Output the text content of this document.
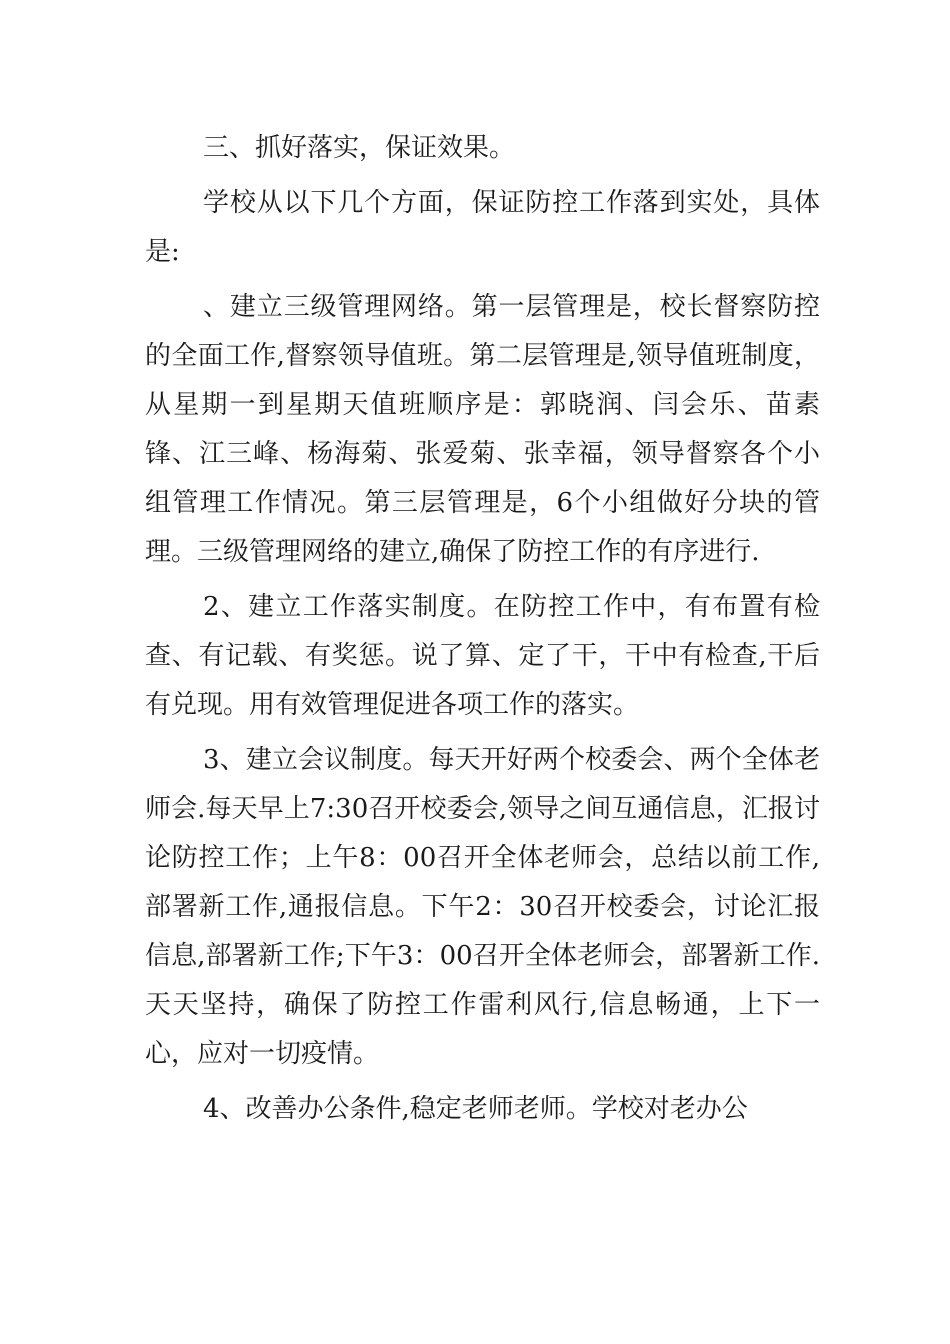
三、抓好落实，保证效果。

学校从以下几个方面，保证防控工作落到实处，具体是:

、建立三级管理网络。第一层管理是，校长督察防控的全面工作,督察领导值班。第二层管理是,领导值班制度，从星期一到星期天值班顺序是：郭晓润、闫会乐、苗素锋、江三峰、杨海菊、张爱菊、张幸福，领导督察各个小组管理工作情况。第三层管理是，6个小组做好分块的管理。三级管理网络的建立,确保了防控工作的有序进行.

2、建立工作落实制度。在防控工作中，有布置有检查、有记载、有奖惩。说了算、定了干，干中有检查,干后有兑现。用有效管理促进各项工作的落实。

3、建立会议制度。每天开好两个校委会、两个全体老师会.每天早上7:30召开校委会,领导之间互通信息，汇报讨论防控工作；上午8：00召开全体老师会，总结以前工作,部署新工作,通报信息。下午2：30召开校委会，讨论汇报信息,部署新工作;下午3：00召开全体老师会，部署新工作.天天坚持，确保了防控工作雷利风行,信息畅通，上下一心，应对一切疫情。

4、改善办公条件,稳定老师老师。学校对老办公
